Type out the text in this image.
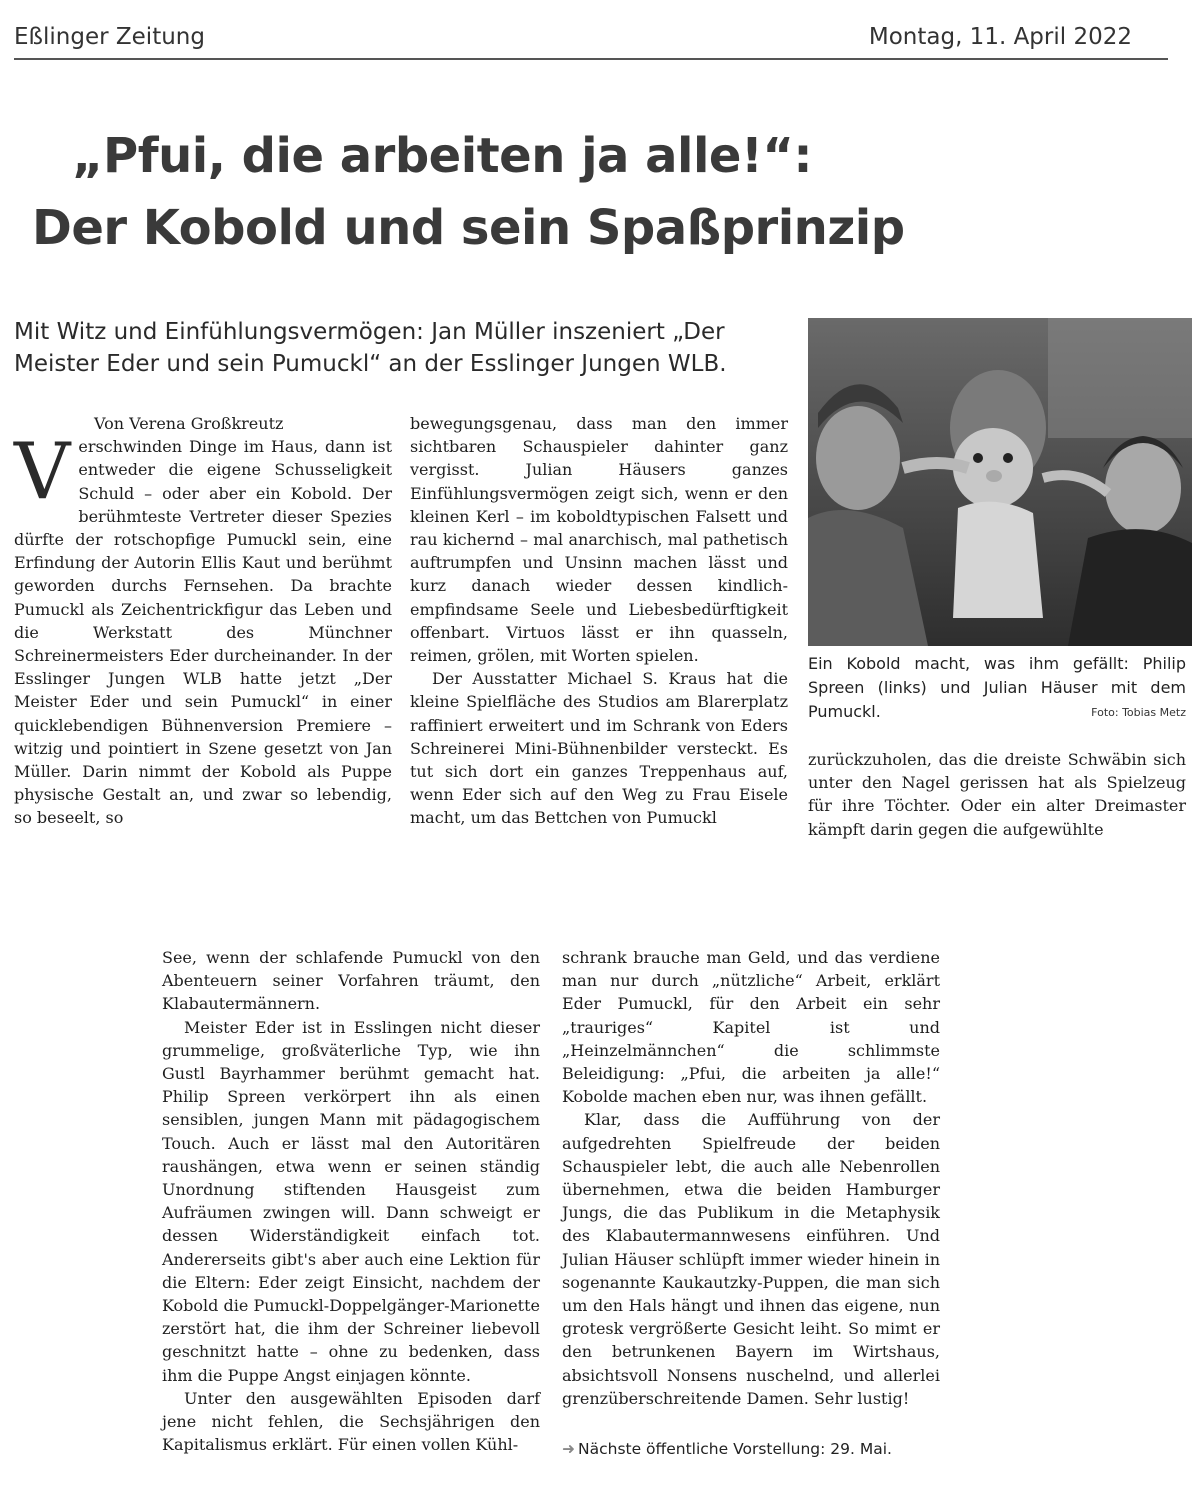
Eßlinger Zeitung	Montag, 11. April 2022
„Pfui, die arbeiten ja alle!“:
Der Kobold und sein Spaßprinzip
Mit Witz und Einfühlungsvermögen: Jan Müller inszeniert „Der Meister Eder und sein Pumuckl“ an der Esslinger Jungen WLB.

Von Verena Großkreutz

Verschwinden Dinge im Haus, dann ist entweder die eigene Schusseligkeit Schuld – oder aber ein Kobold. Der berühmteste Vertreter dieser Spezies dürfte der rotschopfige Pumuckl sein, eine Erfindung der Autorin Ellis Kaut und berühmt geworden durchs Fernsehen. Da brachte Pumuckl als Zeichentrickfigur das Leben und die Werkstatt des Münchner Schreinermeisters Eder durcheinander. In der Esslinger Jungen WLB hatte jetzt „Der Meister Eder und sein Pumuckl“ in einer quicklebendigen Bühnenversion Premiere – witzig und pointiert in Szene gesetzt von Jan Müller. Darin nimmt der Kobold als Puppe physische Gestalt an, und zwar so lebendig, so beseelt, so

bewegungsgenau, dass man den immer sichtbaren Schauspieler dahinter ganz vergisst. Julian Häusers ganzes Einfühlungsvermögen zeigt sich, wenn er den kleinen Kerl – im koboldtypischen Falsett und rau kichernd – mal anarchisch, mal pathetisch auftrumpfen und Unsinn machen lässt und kurz danach wieder dessen kindlich-empfindsame Seele und Liebesbedürftigkeit offenbart. Virtuos lässt er ihn quasseln, reimen, grölen, mit Worten spielen.

Der Ausstatter Michael S. Kraus hat die kleine Spielfläche des Studios am Blarerplatz raffiniert erweitert und im Schrank von Eders Schreinerei Mini-Bühnenbilder versteckt. Es tut sich dort ein ganzes Treppenhaus auf, wenn Eder sich auf den Weg zu Frau Eisele macht, um das Bettchen von Pumuckl

Ein Kobold macht, was ihm gefällt: Philip Spreen (links) und Julian Häuser mit dem Pumuckl.	Foto: Tobias Metz

zurückzuholen, das die dreiste Schwäbin sich unter den Nagel gerissen hat als Spielzeug für ihre Töchter. Oder ein alter Dreimaster kämpft darin gegen die aufgewühlte

See, wenn der schlafende Pumuckl von den Abenteuern seiner Vorfahren träumt, den Klabautermännern.

Meister Eder ist in Esslingen nicht dieser grummelige, großväterliche Typ, wie ihn Gustl Bayrhammer berühmt gemacht hat. Philip Spreen verkörpert ihn als einen sensiblen, jungen Mann mit pädagogischem Touch. Auch er lässt mal den Autoritären raushängen, etwa wenn er seinen ständig Unordnung stiftenden Hausgeist zum Aufräumen zwingen will. Dann schweigt er dessen Widerständigkeit einfach tot. Andererseits gibt's aber auch eine Lektion für die Eltern: Eder zeigt Einsicht, nachdem der Kobold die Pumuckl-Doppelgänger-Marionette zerstört hat, die ihm der Schreiner liebevoll geschnitzt hatte – ohne zu bedenken, dass ihm die Puppe Angst einjagen könnte.

Unter den ausgewählten Episoden darf jene nicht fehlen, die Sechsjährigen den Kapitalismus erklärt. Für einen vollen Kühl-

schrank brauche man Geld, und das verdiene man nur durch „nützliche“ Arbeit, erklärt Eder Pumuckl, für den Arbeit ein sehr „trauriges“ Kapitel ist und „Heinzelmännchen“ die schlimmste Beleidigung: „Pfui, die arbeiten ja alle!“ Kobolde machen eben nur, was ihnen gefällt.

Klar, dass die Aufführung von der aufgedrehten Spielfreude der beiden Schauspieler lebt, die auch alle Nebenrollen übernehmen, etwa die beiden Hamburger Jungs, die das Publikum in die Metaphysik des Klabautermannwesens einführen. Und Julian Häuser schlüpft immer wieder hinein in sogenannte Kaukautzky-Puppen, die man sich um den Hals hängt und ihnen das eigene, nun grotesk vergrößerte Gesicht leiht. So mimt er den betrunkenen Bayern im Wirtshaus, absichtsvoll Nonsens nuschelnd, und allerlei grenzüberschreitende Damen. Sehr lustig!

➜ Nächste öffentliche Vorstellung: 29. Mai.
